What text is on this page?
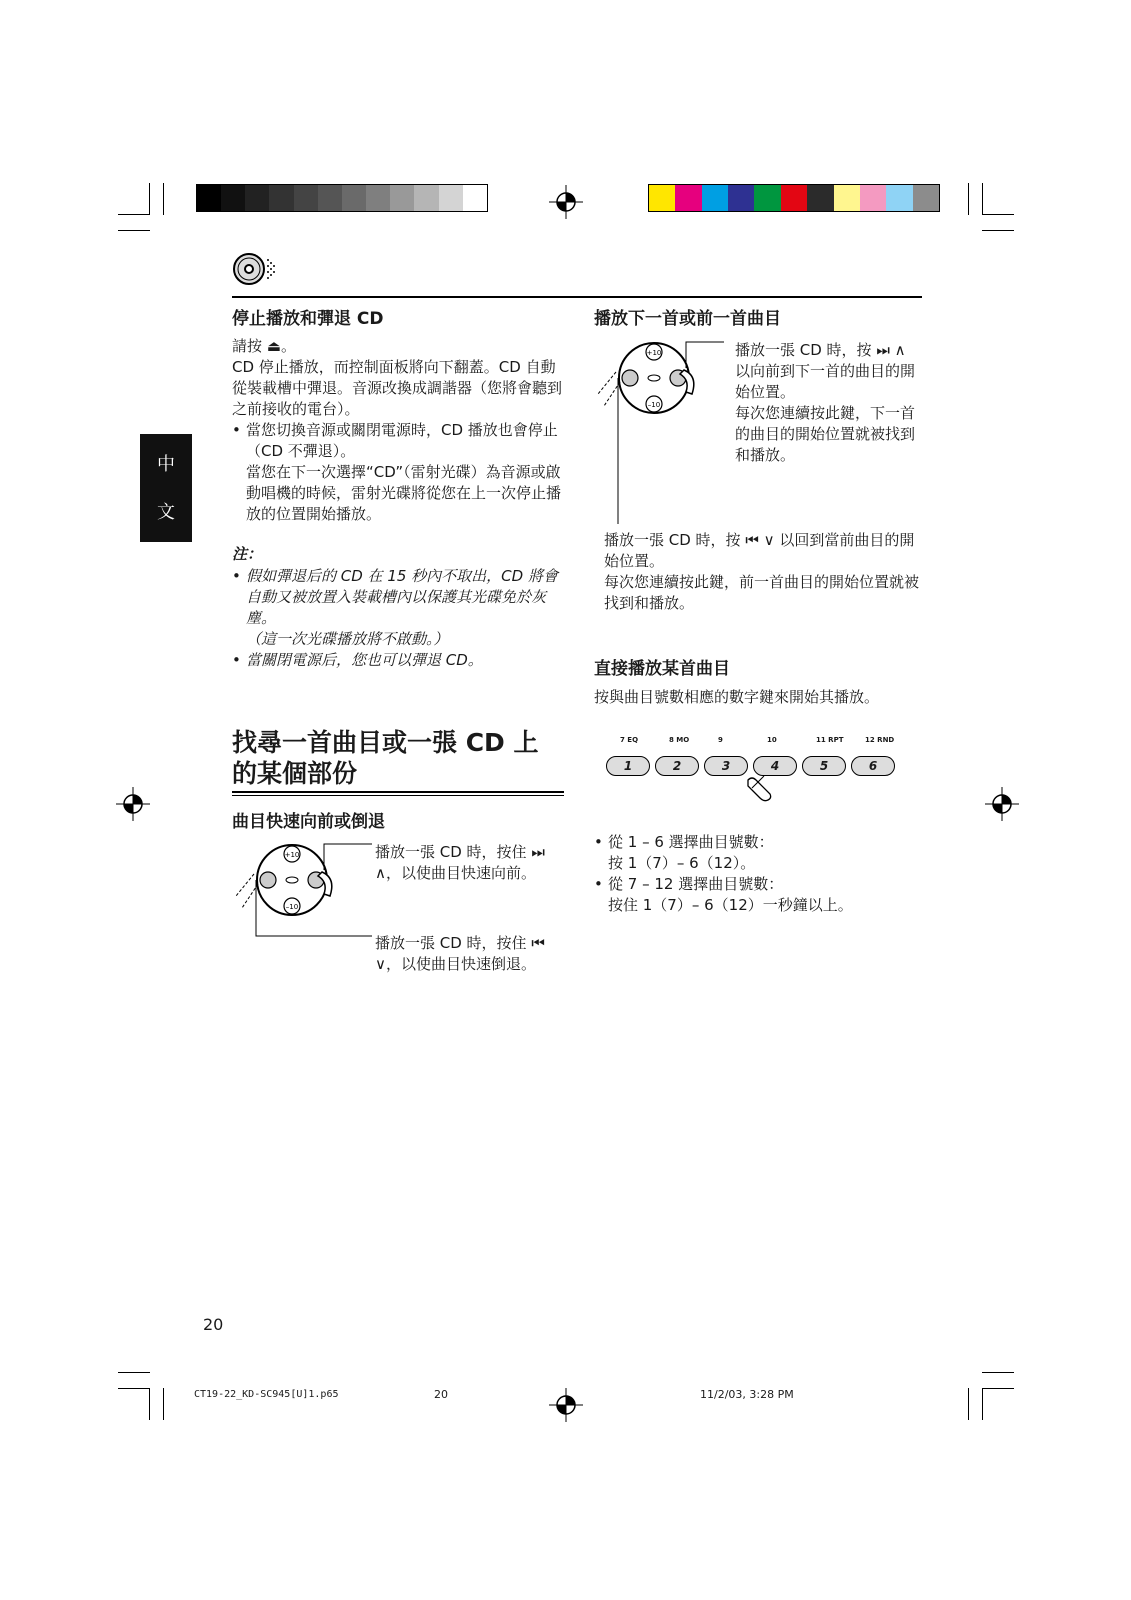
中
文
停止播放和彈退 CD
請按 ⏏。
CD 停止播放，而控制面板將向下翻蓋。CD 自動從裝載槽中彈退。音源改換成調諧器（您將會聽到之前接收的電台）。
• 當您切換音源或關閉電源時，CD 播放也會停止（CD 不彈退）。
當您在下一次選擇“CD”（雷射光碟）為音源或啟動唱機的時候，雷射光碟將從您在上一次停止播放的位置開始播放。
注：
• 假如彈退后的 CD 在 15 秒內不取出，CD 將會自動又被放置入裝載槽內以保護其光碟免於灰塵。
（這一次光碟播放將不啟動。）
• 當關閉電源后，您也可以彈退 CD。
找尋一首曲目或一張 CD 上
的某個部份
曲目快速向前或倒退
+10
–10
播放一張 CD 時，按住 ⏭ ∧，以使曲目快速向前。
播放一張 CD 時，按住 ⏮ ∨，以使曲目快速倒退。
播放下一首或前一首曲目
+10
–10
播放一張 CD 時，按 ⏭ ∧ 以向前到下一首的曲目的開始位置。
每次您連續按此鍵，下一首的曲目的開始位置就被找到和播放。
播放一張 CD 時，按 ⏮ ∨ 以回到當前曲目的開始位置。
每次您連續按此鍵，前一首曲目的開始位置就被找到和播放。
直接播放某首曲目
按與曲目號數相應的數字鍵來開始其播放。
7 EQ	8 MO	9	10	11 RPT	12 RND
1	2	3	4	5	6
• 從 1 – 6 選擇曲目號數：
按 1（7）– 6（12）。
• 從 7 – 12 選擇曲目號數：
按住 1（7）– 6（12）一秒鐘以上。
20
CT19-22_KD-SC945[U]1.p65	20	11/2/03, 3:28 PM
